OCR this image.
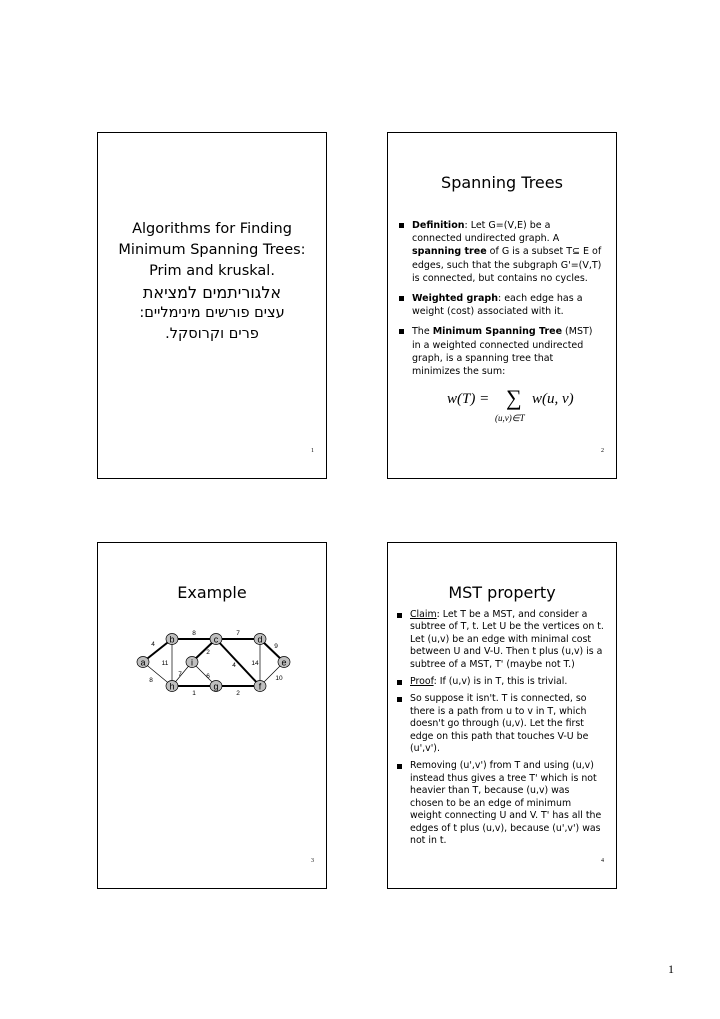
Algorithms for Finding
Minimum Spanning Trees:
Prim and kruskal.
אלגוריתמים למציאת
עצים פורשים מינימליים:
פרים וקרוסקל.
1
Spanning Trees
Definition: Let G=(V,E) be a connected undirected graph. A spanning tree of G is a subset T⊆ E of edges, such that the subgraph G'=(V,T) is connected, but contains no cycles.
Weighted graph: each edge has a weight (cost) associated with it.
The Minimum Spanning Tree (MST) in a weighted connected undirected graph, is a spanning tree that minimizes the sum:
w(T) = ∑ w(u, v)
(u,v)∈T
2
Example
4
8
8
11
2
7
4 14
9
10
2
1
6
7
a
b	c	d
e
f
g
h
i
3
MST property
Claim: Let T be a MST, and consider a subtree of T, t. Let U be the vertices on t. Let (u,v) be an edge with minimal cost between U and V-U. Then t plus (u,v) is a subtree of a MST, T' (maybe not T.)
Proof: If (u,v) is in T, this is trivial.
So suppose it isn't. T is connected, so there is a path from u to v in T, which doesn't go through (u,v). Let the first edge on this path that touches V-U be (u',v').
Removing (u',v') from T and using (u,v) instead thus gives a tree T' which is not heavier than T, because (u,v) was chosen to be an edge of minimum weight connecting U and V. T' has all the edges of t plus (u,v), because (u',v') was not in t.
4
1
